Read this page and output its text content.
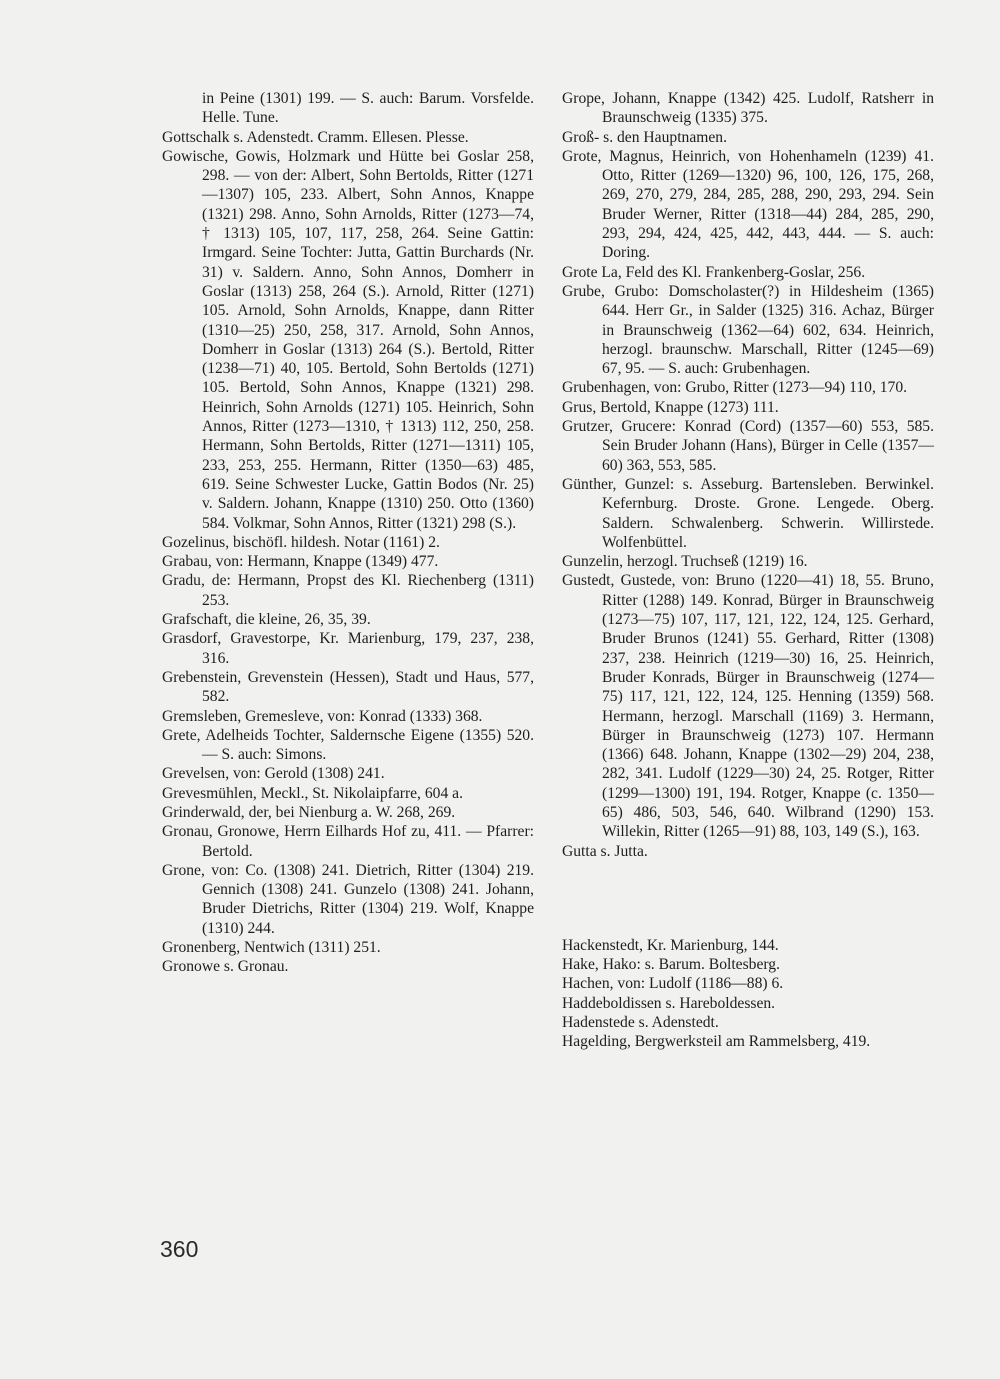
in Peine (1301) 199. — S. auch: Barum. Vorsfelde. Helle. Tune.

Gottschalk s. Adenstedt. Cramm. Ellesen. Plesse.

Gowische, Gowis, Holzmark und Hütte bei Goslar 258, 298. — von der: Albert, Sohn Bertolds, Ritter (1271—1307) 105, 233. Albert, Sohn Annos, Knappe (1321) 298. Anno, Sohn Arnolds, Ritter (1273—74, † 1313) 105, 107, 117, 258, 264. Seine Gattin: Irmgard. Seine Tochter: Jutta, Gattin Burchards (Nr. 31) v. Saldern. Anno, Sohn Annos, Domherr in Goslar (1313) 258, 264 (S.). Arnold, Ritter (1271) 105. Arnold, Sohn Arnolds, Knappe, dann Ritter (1310—25) 250, 258, 317. Arnold, Sohn Annos, Domherr in Goslar (1313) 264 (S.). Bertold, Ritter (1238—71) 40, 105. Bertold, Sohn Bertolds (1271) 105. Bertold, Sohn Annos, Knappe (1321) 298. Heinrich, Sohn Arnolds (1271) 105. Heinrich, Sohn Annos, Ritter (1273—1310, † 1313) 112, 250, 258. Hermann, Sohn Bertolds, Ritter (1271—1311) 105, 233, 253, 255. Hermann, Ritter (1350—63) 485, 619. Seine Schwester Lucke, Gattin Bodos (Nr. 25) v. Saldern. Johann, Knappe (1310) 250. Otto (1360) 584. Volkmar, Sohn Annos, Ritter (1321) 298 (S.).

Gozelinus, bischöfl. hildesh. Notar (1161) 2.

Grabau, von: Hermann, Knappe (1349) 477.

Gradu, de: Hermann, Propst des Kl. Riechenberg (1311) 253.

Grafschaft, die kleine, 26, 35, 39.

Grasdorf, Gravestorpe, Kr. Marienburg, 179, 237, 238, 316.

Grebenstein, Grevenstein (Hessen), Stadt und Haus, 577, 582.

Gremsleben, Gremesleve, von: Konrad (1333) 368.

Grete, Adelheids Tochter, Saldernsche Eigene (1355) 520. — S. auch: Simons.

Grevelsen, von: Gerold (1308) 241.

Grevesmühlen, Meckl., St. Nikolaipfarre, 604 a.

Grinderwald, der, bei Nienburg a. W. 268, 269.

Gronau, Gronowe, Herrn Eilhards Hof zu, 411. — Pfarrer: Bertold.

Grone, von: Co. (1308) 241. Dietrich, Ritter (1304) 219. Gennich (1308) 241. Gunzelo (1308) 241. Johann, Bruder Dietrichs, Ritter (1304) 219. Wolf, Knappe (1310) 244.

Gronenberg, Nentwich (1311) 251.

Gronowe s. Gronau.

Grope, Johann, Knappe (1342) 425. Ludolf, Ratsherr in Braunschweig (1335) 375.

Groß- s. den Hauptnamen.

Grote, Magnus, Heinrich, von Hohenhameln (1239) 41. Otto, Ritter (1269—1320) 96, 100, 126, 175, 268, 269, 270, 279, 284, 285, 288, 290, 293, 294. Sein Bruder Werner, Ritter (1318—44) 284, 285, 290, 293, 294, 424, 425, 442, 443, 444. — S. auch: Doring.

Grote La, Feld des Kl. Frankenberg-Goslar, 256.

Grube, Grubo: Domscholaster(?) in Hildesheim (1365) 644. Herr Gr., in Salder (1325) 316. Achaz, Bürger in Braunschweig (1362—64) 602, 634. Heinrich, herzogl. braunschw. Marschall, Ritter (1245—69) 67, 95. — S. auch: Grubenhagen.

Grubenhagen, von: Grubo, Ritter (1273—94) 110, 170.

Grus, Bertold, Knappe (1273) 111.

Grutzer, Grucere: Konrad (Cord) (1357—60) 553, 585. Sein Bruder Johann (Hans), Bürger in Celle (1357—60) 363, 553, 585.

Günther, Gunzel: s. Asseburg. Bartensleben. Berwinkel. Kefernburg. Droste. Grone. Lengede. Oberg. Saldern. Schwalenberg. Schwerin. Willirstede. Wolfenbüttel.

Gunzelin, herzogl. Truchseß (1219) 16.

Gustedt, Gustede, von: Bruno (1220—41) 18, 55. Bruno, Ritter (1288) 149. Konrad, Bürger in Braunschweig (1273—75) 107, 117, 121, 122, 124, 125. Gerhard, Bruder Brunos (1241) 55. Gerhard, Ritter (1308) 237, 238. Heinrich (1219—30) 16, 25. Heinrich, Bruder Konrads, Bürger in Braunschweig (1274—75) 117, 121, 122, 124, 125. Henning (1359) 568. Hermann, herzogl. Marschall (1169) 3. Hermann, Bürger in Braunschweig (1273) 107. Hermann (1366) 648. Johann, Knappe (1302—29) 204, 238, 282, 341. Ludolf (1229—30) 24, 25. Rotger, Ritter (1299—1300) 191, 194. Rotger, Knappe (c. 1350—65) 486, 503, 546, 640. Wilbrand (1290) 153. Willekin, Ritter (1265—91) 88, 103, 149 (S.), 163.

Gutta s. Jutta.

Hackenstedt, Kr. Marienburg, 144.

Hake, Hako: s. Barum. Boltesberg.

Hachen, von: Ludolf (1186—88) 6.

Haddeboldissen s. Hareboldessen.

Hadenstede s. Adenstedt.

Hagelding, Bergwerksteil am Rammelsberg, 419.

360
